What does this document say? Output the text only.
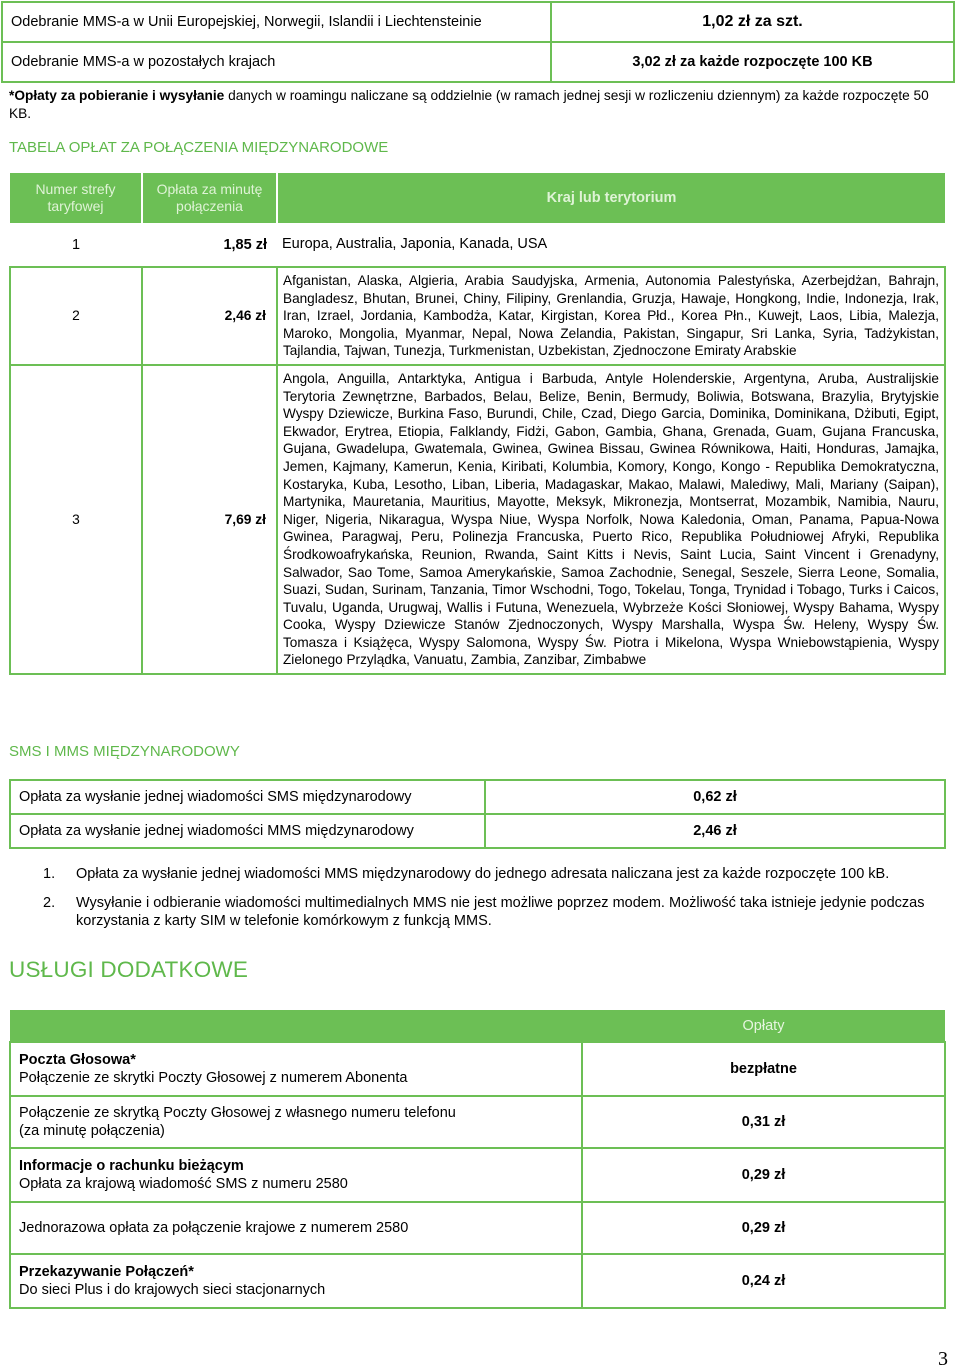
Odebranie MMS-a w Unii Europejskiej, Norwegii, Islandii i Liechtensteinie	1,02 zł za szt.
Odebranie MMS-a w pozostałych krajach	3,02 zł za każde rozpoczęte 100 KB
*Opłaty za pobieranie i wysyłanie danych w roamingu naliczane są oddzielnie (w ramach jednej sesji w rozliczeniu dziennym) za każde rozpoczęte 50 KB.
TABELA OPŁAT ZA POŁĄCZENIA MIĘDZYNARODOWE
Numer strefy taryfowej	Opłata za minutę połączenia	Kraj lub terytorium
1	1,85 zł	Europa, Australia, Japonia, Kanada, USA
2	2,46 zł	Afganistan, Alaska, Algieria, Arabia Saudyjska, Armenia, Autonomia Palestyńska, Azerbejdżan, Bahrajn, Bangladesz, Bhutan, Brunei, Chiny, Filipiny, Grenlandia, Gruzja, Hawaje, Hongkong, Indie, Indonezja, Irak, Iran, Izrael, Jordania, Kambodża, Katar, Kirgistan, Korea Płd., Korea Płn., Kuwejt, Laos, Libia, Malezja, Maroko, Mongolia, Myanmar, Nepal, Nowa Zelandia, Pakistan, Singapur, Sri Lanka, Syria, Tadżykistan, Tajlandia, Tajwan, Tunezja, Turkmenistan, Uzbekistan, Zjednoczone Emiraty Arabskie
3	7,69 zł	Angola, Anguilla, Antarktyka, Antigua i Barbuda, Antyle Holenderskie, Argentyna, Aruba, Australijskie Terytoria Zewnętrzne, Barbados, Belau, Belize, Benin, Bermudy, Boliwia, Botswana, Brazylia, Brytyjskie Wyspy Dziewicze, Burkina Faso, Burundi, Chile, Czad, Diego Garcia, Dominika, Dominikana, Dżibuti, Egipt, Ekwador, Erytrea, Etiopia, Falklandy, Fidżi, Gabon, Gambia, Ghana, Grenada, Guam, Gujana Francuska, Gujana, Gwadelupa, Gwatemala, Gwinea, Gwinea Bissau, Gwinea Równikowa, Haiti, Honduras, Jamajka, Jemen, Kajmany, Kamerun, Kenia, Kiribati, Kolumbia, Komory, Kongo, Kongo - Republika Demokratyczna, Kostaryka, Kuba, Lesotho, Liban, Liberia, Madagaskar, Makao, Malawi, Malediwy, Mali, Mariany (Saipan), Martynika, Mauretania, Mauritius, Mayotte, Meksyk, Mikronezja, Montserrat, Mozambik, Namibia, Nauru, Niger, Nigeria, Nikaragua, Wyspa Niue, Wyspa Norfolk, Nowa Kaledonia, Oman, Panama, Papua-Nowa Gwinea, Paragwaj, Peru, Polinezja Francuska, Puerto Rico, Republika Południowej Afryki, Republika Środkowoafrykańska, Reunion, Rwanda, Saint Kitts i Nevis, Saint Lucia, Saint Vincent i Grenadyny, Salwador, Sao Tome, Samoa Amerykańskie, Samoa Zachodnie, Senegal, Seszele, Sierra Leone, Somalia, Suazi, Sudan, Surinam, Tanzania, Timor Wschodni, Togo, Tokelau, Tonga, Trynidad i Tobago, Turks i Caicos, Tuvalu, Uganda, Urugwaj, Wallis i Futuna, Wenezuela, Wybrzeże Kości Słoniowej, Wyspy Bahama, Wyspy Cooka, Wyspy Dziewicze Stanów Zjednoczonych, Wyspy Marshalla, Wyspa Św. Heleny, Wyspy Św. Tomasza i Książęca, Wyspy Salomona, Wyspy Św. Piotra i Mikelona, Wyspa Wniebowstąpienia, Wyspy Zielonego Przylądka, Vanuatu, Zambia, Zanzibar, Zimbabwe
SMS I MMS MIĘDZYNARODOWY
Opłata za wysłanie jednej wiadomości SMS międzynarodowy	0,62 zł
Opłata za wysłanie jednej wiadomości MMS międzynarodowy	2,46 zł
1. Opłata za wysłanie jednej wiadomości MMS międzynarodowy do jednego adresata naliczana jest za każde rozpoczęte 100 kB.
2. Wysyłanie i odbieranie wiadomości multimedialnych MMS nie jest możliwe poprzez modem. Możliwość taka istnieje jedynie podczas korzystania z karty SIM w telefonie komórkowym z funkcją MMS.
USŁUGI DODATKOWE
	Opłaty
Poczta Głosowa*
Połączenie ze skrytki Poczty Głosowej z numerem Abonenta	bezpłatne
Połączenie ze skrytką Poczty Głosowej z własnego numeru telefonu
(za minutę połączenia)	0,31 zł
Informacje o rachunku bieżącym
Opłata za krajową wiadomość SMS z numeru 2580	0,29 zł
Jednorazowa opłata za połączenie krajowe z numerem 2580	0,29 zł
Przekazywanie Połączeń*
Do sieci Plus i do krajowych sieci stacjonarnych	0,24 zł
3
